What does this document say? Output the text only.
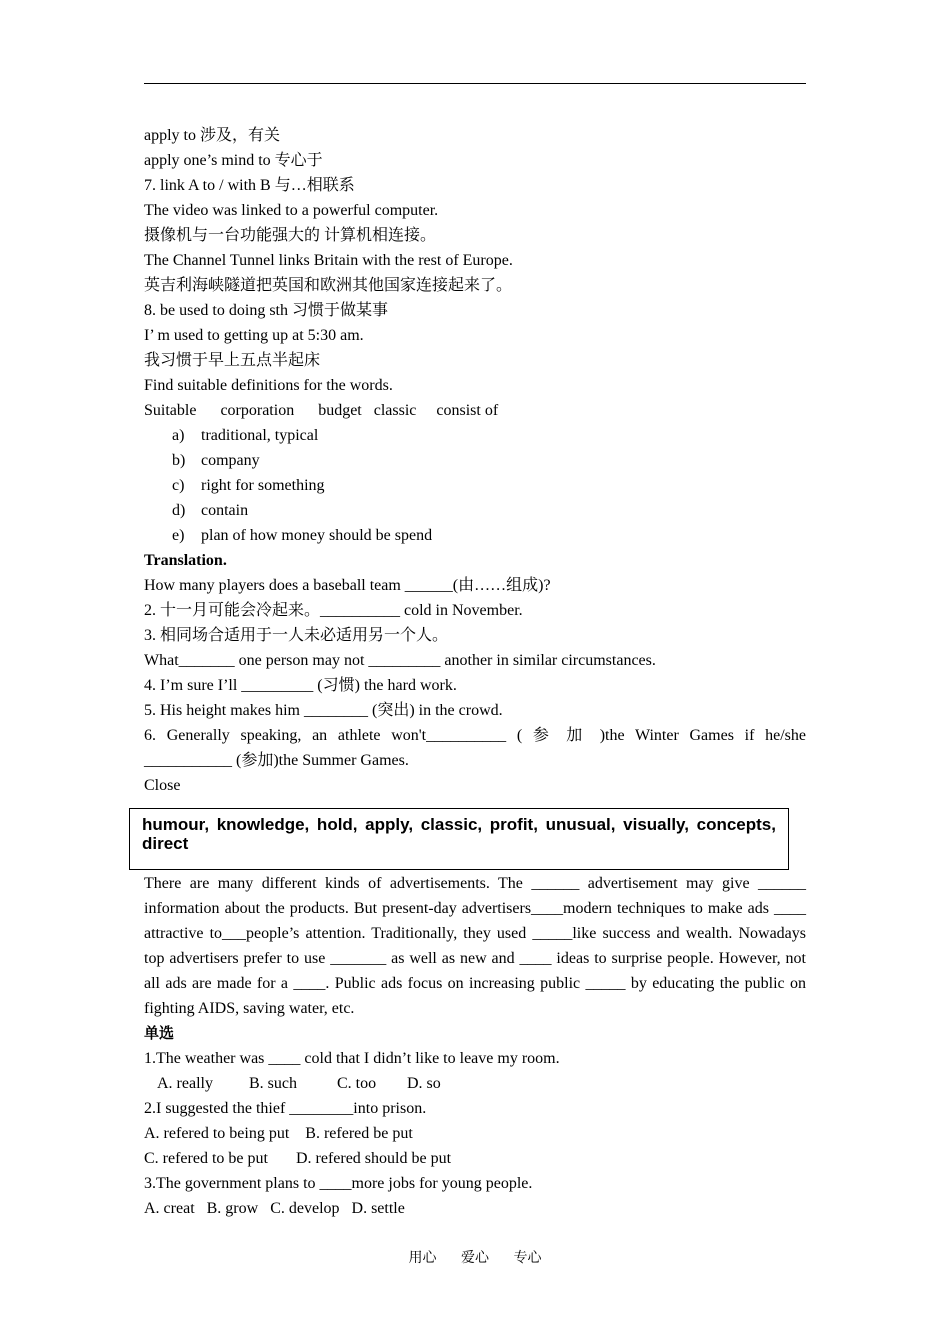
apply to 涉及，有关
apply one’s mind to 专心于
7. link A to / with B 与…相联系
The video was linked to a powerful computer.
摄像机与一台功能强大的 计算机相连接。
The Channel Tunnel links Britain with the rest of Europe.
英吉利海峡隧道把英国和欧洲其他国家连接起来了。
8. be used to doing sth 习惯于做某事
I’ m used to getting up at 5:30 am.
我习惯于早上五点半起床
Find suitable definitions for the words.
Suitable corporation budget classic consist of
a) traditional, typical
b) company
c) right for something
d) contain
e) plan of how money should be spend
Translation.
How many players does a baseball team ______(由……组成)?
2. 十一月可能会冷起来。__________ cold in November.
3. 相同场合适用于一人未必适用另一个人。
What_______ one person may not _________ another in similar circumstances.
4. I’m sure I’ll _________ (习惯) the hard work.
5. His height makes him ________ (突出) in the crowd.
6. Generally speaking, an athlete won't__________ ( 参 加 )the Winter Games if he/she
___________ (参加)the Summer Games.
Close
humour, knowledge, hold, apply, classic, profit, unusual, visually, concepts, direct
There are many different kinds of advertisements. The ______ advertisement may give ______ information about the products. But present-day advertisers____modern techniques to make ads ____ attractive to___people’s attention. Traditionally, they used _____like success and wealth. Nowadays top advertisers prefer to use _______ as well as new and ____ ideas to surprise people. However, not all ads are made for a ____. Public ads focus on increasing public _____ by educating the public on fighting AIDS, saving water, etc.
单选
1.The weather was ____ cold that I didn’t like to leave my room.
A. really B. such	C. too D. so
2.I suggested the thief ________into prison.
A. refered to being put    B. refered be put
C. refered to be put       D. refered should be put
3.The government plans to ____more jobs for young people.
A. creat   B. grow   C. develop   D. settle
用心 爱心 专心
